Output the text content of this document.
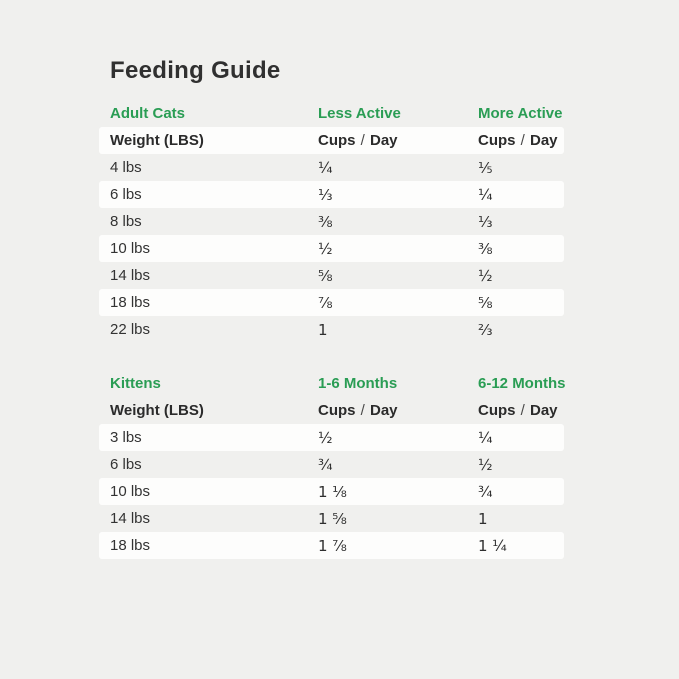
Feeding Guide
Adult Cats	Less Active	More Active
Weight (LBS)	Cups / Day	Cups / Day
4 lbs	¼	⅕
6 lbs	⅓	¼
8 lbs	⅜	⅓
10 lbs	½	⅜
14 lbs	⅝	½
18 lbs	⅞	⅝
22 lbs	1	⅔
Kittens	1-6 Months	6-12 Months
Weight (LBS)	Cups / Day	Cups / Day
3 lbs	½	¼
6 lbs	¾	½
10 lbs	1 ⅛	¾
14 lbs	1 ⅝	1
18 lbs	1 ⅞	1 ¼
